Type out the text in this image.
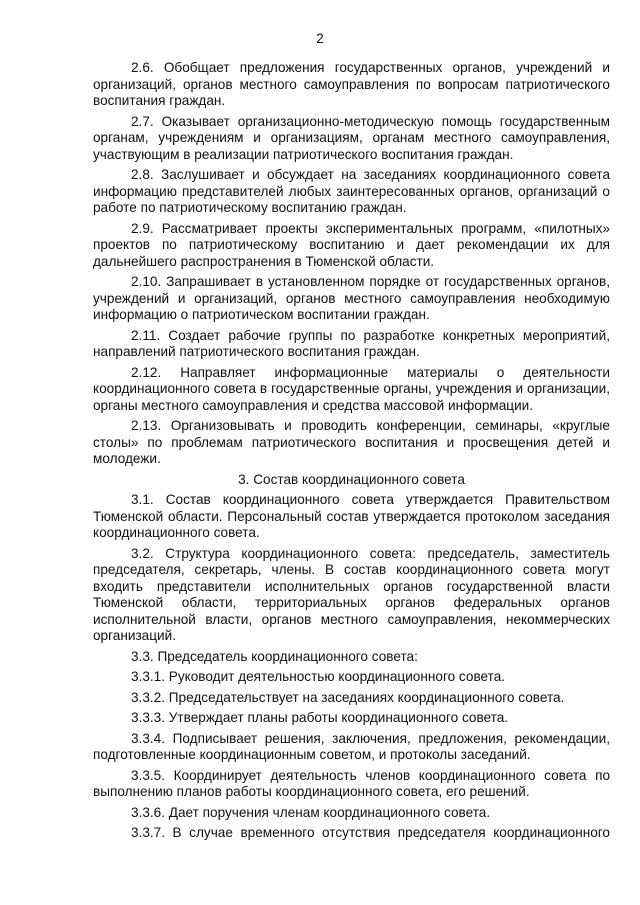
2

2.6. Обобщает предложения государственных органов, учреждений и организаций, органов местного самоуправления по вопросам патриотического воспитания граждан.

2.7. Оказывает организационно-методическую помощь государственным органам, учреждениям и организациям, органам местного самоуправления, участвующим в реализации патриотического воспитания граждан.

2.8. Заслушивает и обсуждает на заседаниях координационного совета информацию представителей любых заинтересованных органов, организаций о работе по патриотическому воспитанию граждан.

2.9. Рассматривает проекты экспериментальных программ, «пилотных» проектов по патриотическому воспитанию и дает рекомендации их для дальнейшего распространения в Тюменской области.

2.10. Запрашивает в установленном порядке от государственных органов, учреждений и организаций, органов местного самоуправления необходимую информацию о патриотическом воспитании граждан.

2.11. Создает рабочие группы по разработке конкретных мероприятий, направлений патриотического воспитания граждан.

2.12. Направляет информационные материалы о деятельности координационного совета в государственные органы, учреждения и организации, органы местного самоуправления и средства массовой информации.

2.13. Организовывать и проводить конференции, семинары, «круглые столы» по проблемам патриотического воспитания и просвещения детей и молодежи.

3. Состав координационного совета

3.1. Состав координационного совета утверждается Правительством Тюменской области. Персональный состав утверждается протоколом заседания координационного совета.

3.2. Структура координационного совета: председатель, заместитель председателя, секретарь, члены. В состав координационного совета могут входить представители исполнительных органов государственной власти Тюменской области, территориальных органов федеральных органов исполнительной власти, органов местного самоуправления, некоммерческих организаций.

3.3. Председатель координационного совета:

3.3.1. Руководит деятельностью координационного совета.

3.3.2. Председательствует на заседаниях координационного совета.

3.3.3. Утверждает планы работы координационного совета.

3.3.4. Подписывает решения, заключения, предложения, рекомендации, подготовленные координационным советом, и протоколы заседаний.

3.3.5. Координирует деятельность членов координационного совета по выполнению планов работы координационного совета, его решений.

3.3.6. Дает поручения членам координационного совета.

3.3.7. В случае временного отсутствия председателя координационного
